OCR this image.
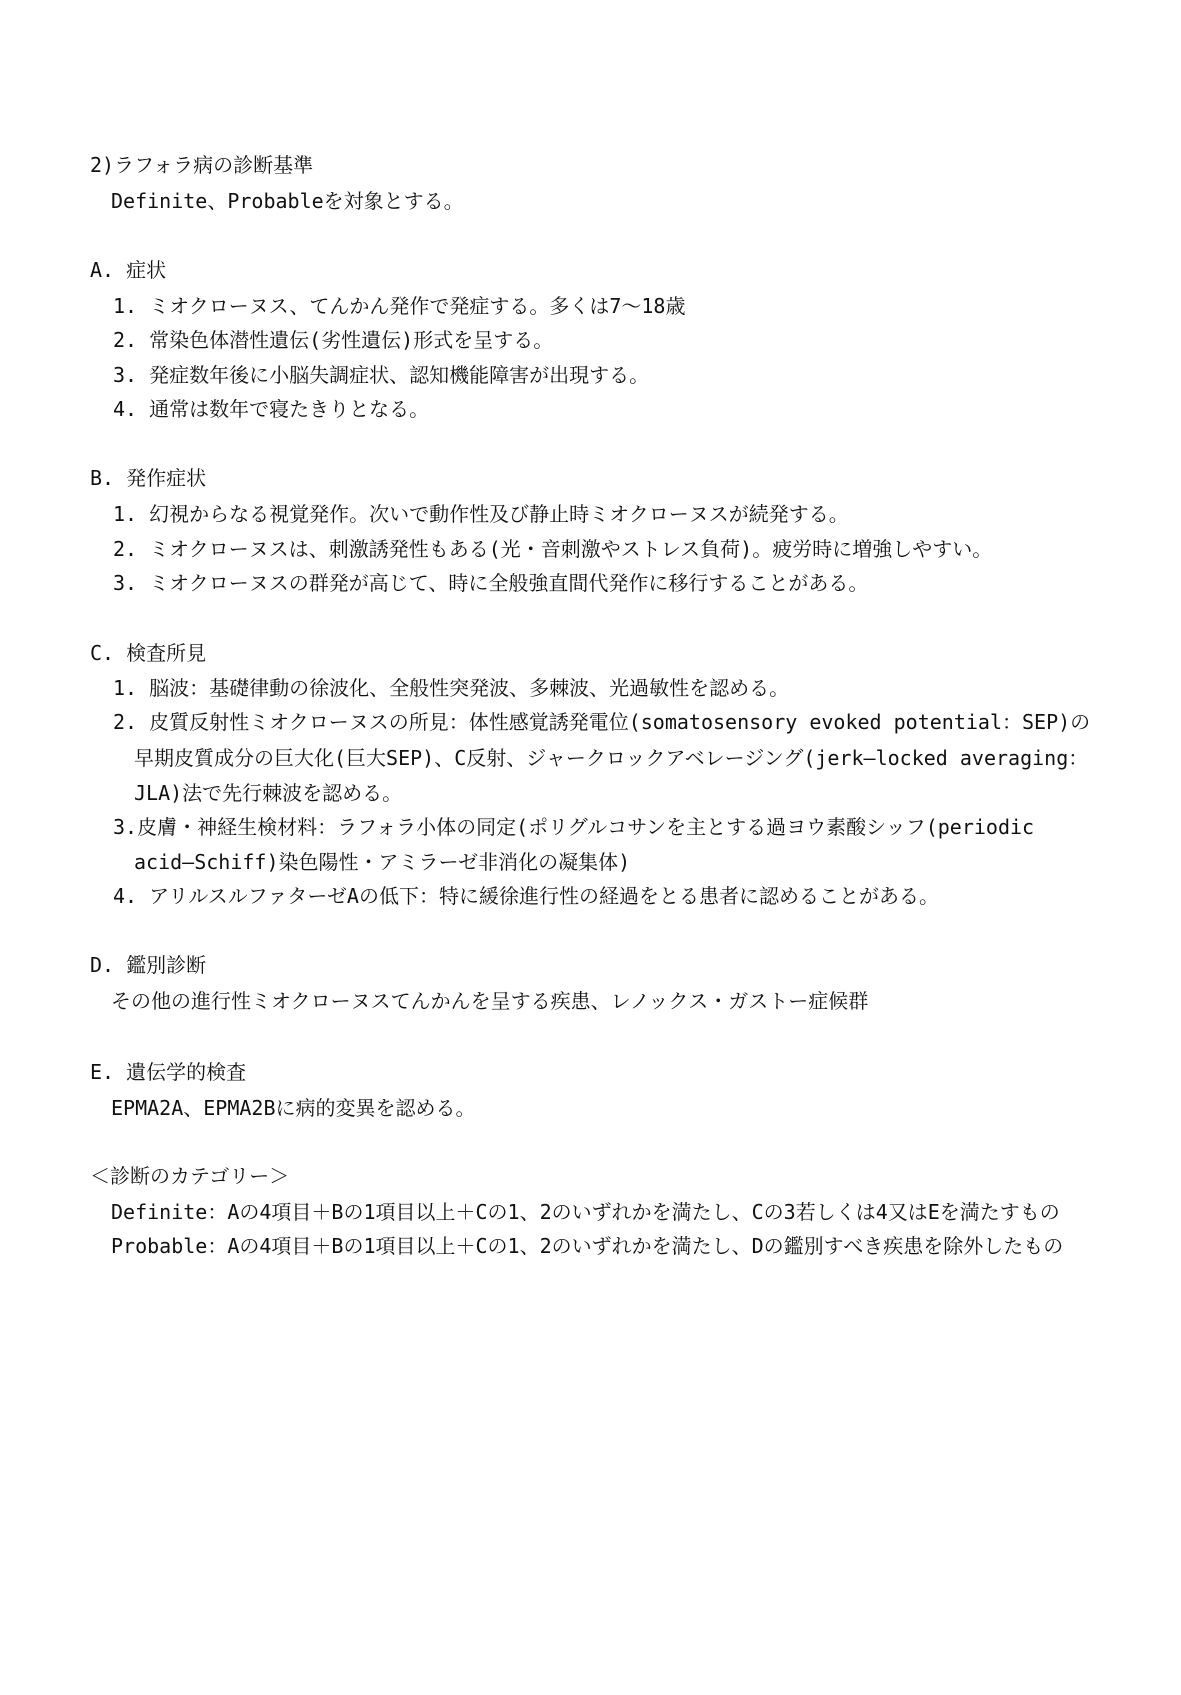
2)ラフォラ病の診断基準
Definite、Probableを対象とする。
A. 症状
1. ミオクローヌス、てんかん発作で発症する。多くは7～18歳
2. 常染色体潜性遺伝(劣性遺伝)形式を呈する。
3. 発症数年後に小脳失調症状、認知機能障害が出現する。
4. 通常は数年で寝たきりとなる。
B. 発作症状
1. 幻視からなる視覚発作。次いで動作性及び静止時ミオクローヌスが続発する。
2. ミオクローヌスは、刺激誘発性もある(光・音刺激やストレス負荷)。疲労時に増強しやすい。
3. ミオクローヌスの群発が高じて、時に全般強直間代発作に移行することがある。
C. 検査所見
1. 脳波：基礎律動の徐波化、全般性突発波、多棘波、光過敏性を認める。
2. 皮質反射性ミオクローヌスの所見：体性感覚誘発電位(somatosensory evoked potential：SEP)の
早期皮質成分の巨大化(巨大SEP)、C反射、ジャークロックアベレージング(jerk―locked averaging：
JLA)法で先行棘波を認める。
3.皮膚・神経生検材料：ラフォラ小体の同定(ポリグルコサンを主とする過ヨウ素酸シッフ(periodic
acid―Schiff)染色陽性・アミラーゼ非消化の凝集体)
4. アリルスルファターゼAの低下：特に緩徐進行性の経過をとる患者に認めることがある。
D. 鑑別診断
その他の進行性ミオクローヌスてんかんを呈する疾患、レノックス・ガストー症候群
E. 遺伝学的検査
EPMA2A、EPMA2Bに病的変異を認める。
＜診断のカテゴリー＞
Definite：Aの4項目＋Bの1項目以上＋Cの1、2のいずれかを満たし、Cの3若しくは4又はEを満たすもの
Probable：Aの4項目＋Bの1項目以上＋Cの1、2のいずれかを満たし、Dの鑑別すべき疾患を除外したもの
